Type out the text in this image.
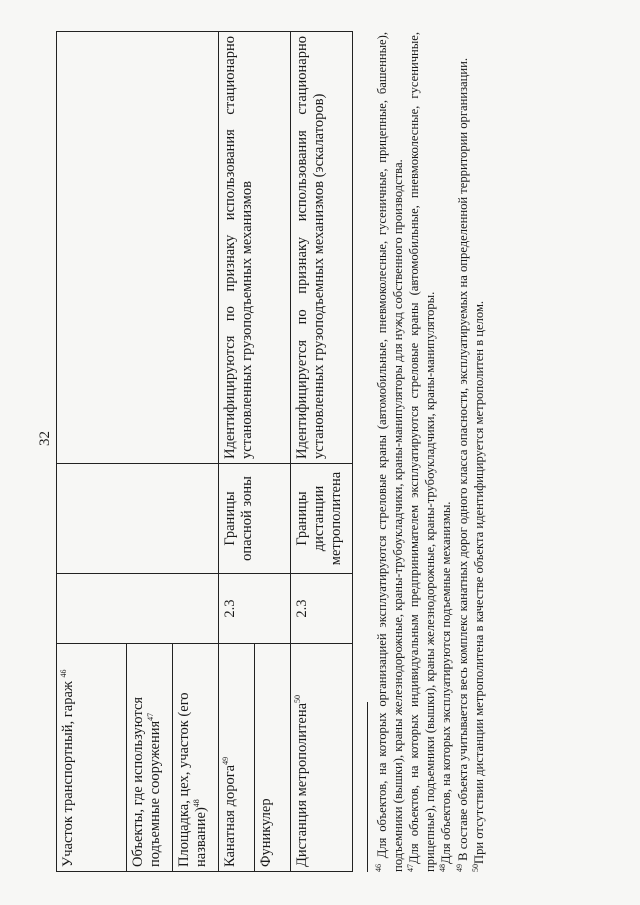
32
Участок транспортный, гараж $^{46}$			
Объекты, где используются подъемные сооружения$^{47}$
Площадка, цех, участок (его название)$^{48}$
Канатная дорога$^{49}$	2.3	Границы опасной зоны	Идентифицируются по признаку использования стационарно установленных грузоподъемных механизмов
Фуникулер			
Дистанция метрополитена$^{50}$	2.3	Границы дистанции метрополитена	Идентифицируется по признаку использования стационарно установленных грузоподъемных механизмов (эскалаторов)

$^{46}$ Для объектов, на которых организацией эксплуатируются стреловые краны (автомобильные, пневмоколесные, гусеничные, прицепные, башенные), подъемники (вышки), краны железнодорожные, краны-трубоукладчики, краны-манипуляторы для нужд собственного производства. $^{47}$Для объектов, на которых индивидуальным предпринимателем эксплуатируются стреловые краны (автомобильные, пневмоколесные, гусеничные, прицепные), подъемники (вышки), краны железнодорожные, краны-трубоукладчики, краны-манипуляторы. $^{48}$Для объектов, на которых эксплуатируются подъемные механизмы.

$^{49}$ В составе объекта учитывается весь комплекс канатных дорог одного класса опасности, эксплуатируемых на определенной территории организации.

$^{50}$При отсутствии дистанции метрополитена в качестве объекта идентифицируется метрополитен в целом.
